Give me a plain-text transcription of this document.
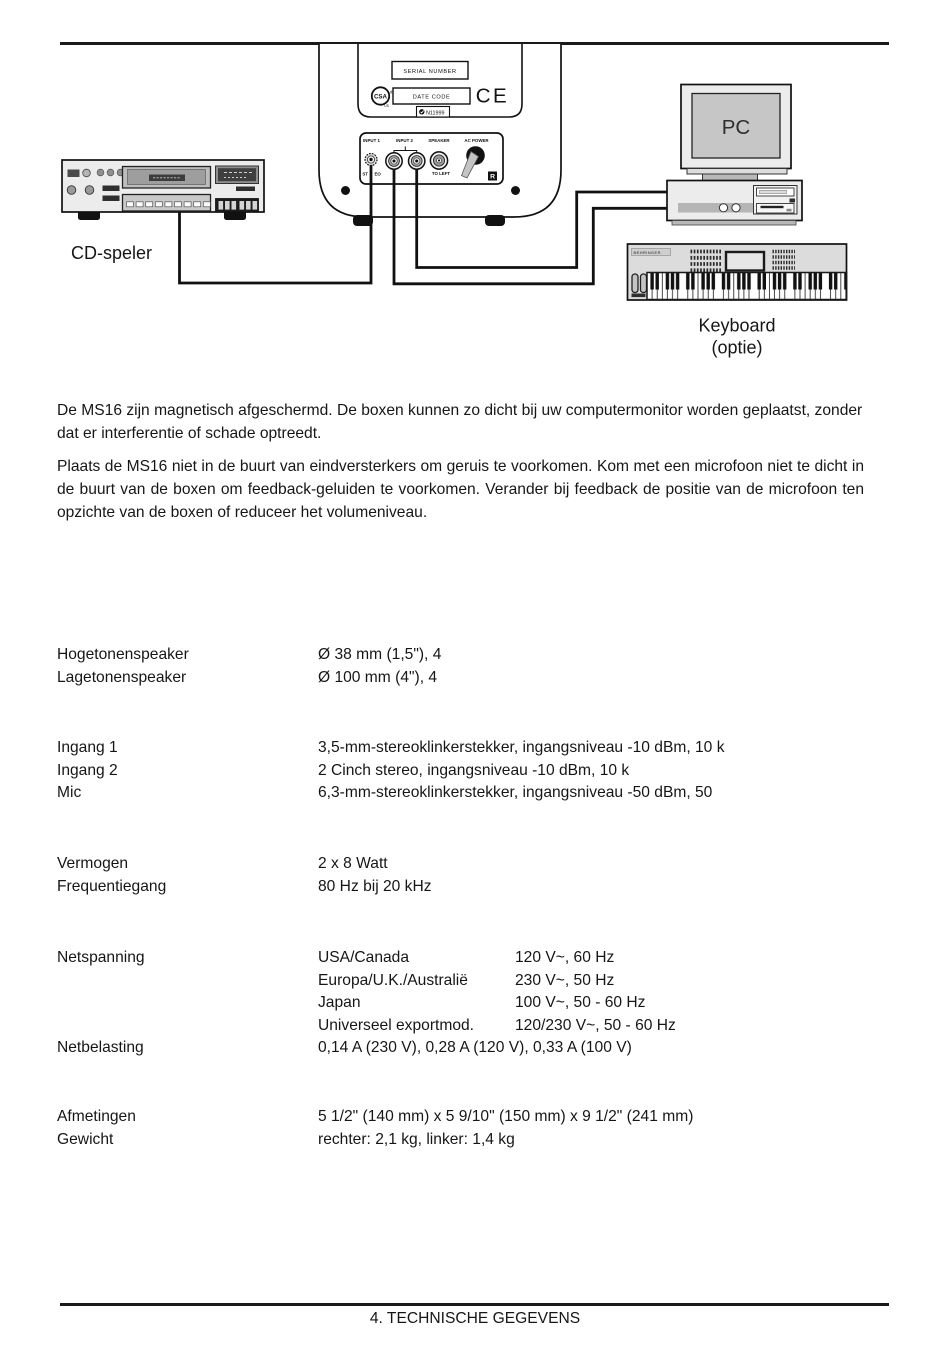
SERIAL NUMBER
CSA
®
US
DATE CODE CE
N11999
INPUT 1	INPUT 2	SPEAKER	AC POWER
ST EO	TO LEFT	R
CD-speler
PC
BEHRINGER
Keyboard
(optie)

De MS16 zijn magnetisch afgeschermd. De boxen kunnen zo dicht bij uw computermonitor worden geplaatst, zonder dat er interferentie of schade optreedt.

Plaats de MS16 niet in de buurt van eindversterkers om geruis te voorkomen. Kom met een microfoon niet te dicht in de buurt van de boxen om feedback-geluiden te voorkomen. Verander bij feedback de positie van de microfoon ten opzichte van de boxen of reduceer het volumeniveau.

Hogetonenspeaker	Ø 38 mm (1,5"), 4
Lagetonenspeaker	Ø 100 mm (4"), 4
Ingang 1	3,5-mm-stereoklinkerstekker, ingangsniveau -10 dBm, 10 k
Ingang 2	2 Cinch stereo, ingangsniveau -10 dBm, 10 k
Mic	6,3-mm-stereoklinkerstekker, ingangsniveau -50 dBm, 50
Vermogen	2 x 8 Watt
Frequentiegang	80 Hz bij 20 kHz
Netspanning	USA/Canada	120 V~, 60 Hz
Europa/U.K./Australië	230 V~, 50 Hz
Japan	100 V~, 50 - 60 Hz
Universeel exportmod.	120/230 V~, 50 - 60 Hz
Netbelasting	0,14 A (230 V), 0,28 A (120 V), 0,33 A (100 V)
Afmetingen	5 1/2" (140 mm) x 5 9/10" (150 mm) x 9 1/2" (241 mm)
Gewicht	rechter: 2,1 kg, linker: 1,4 kg
4. TECHNISCHE GEGEVENS
